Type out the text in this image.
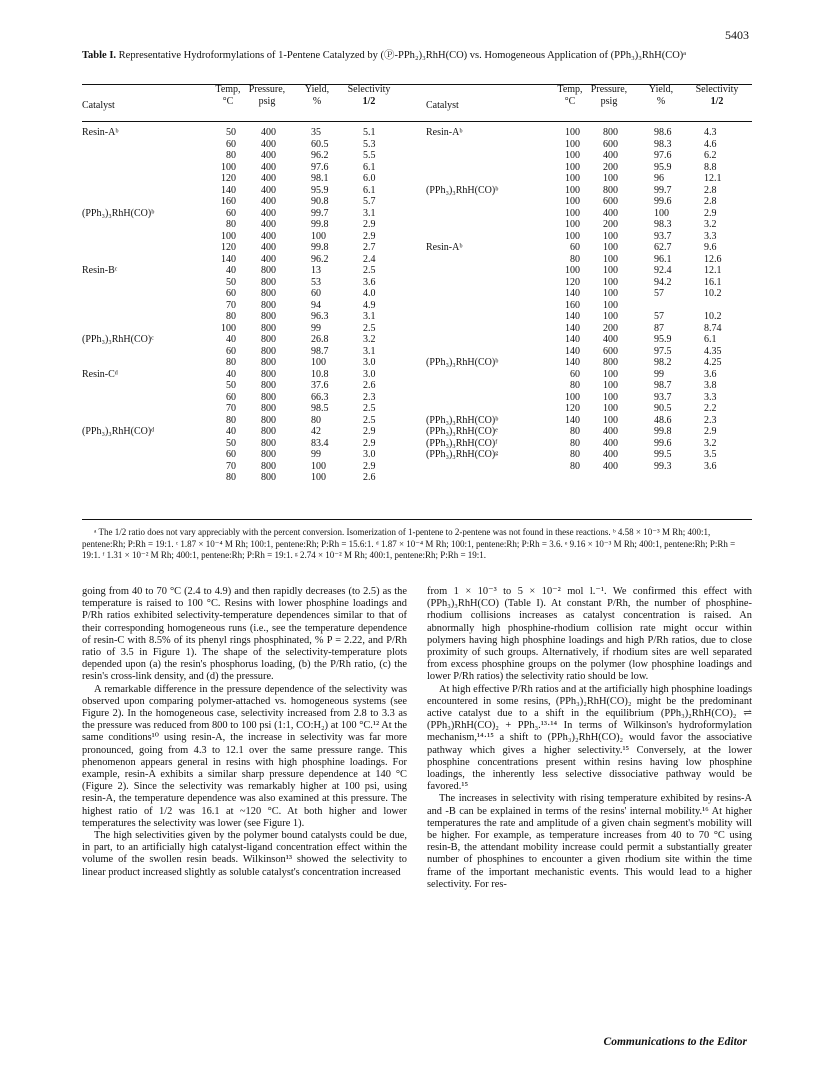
5403
Table I. Representative Hydroformylations of 1-Pentene Catalyzed by (Ⓟ-PPh₂)₃RhH(CO) vs. Homogeneous Application of (PPh₃)₃RhH(CO)ᵃ
Catalyst
Temp,
°C
Pressure,
psig
Yield,
%
Selectivity
1/2	Catalyst
Temp,
°C
Pressure,
psig
Yield,
%
Selectivity
1/2
Resin-Aᵇ
(PPh₃)₃RhH(CO)ᵇ
Resin-Bᶜ
(PPh₃)₃RhH(CO)ᶜ
Resin-Cᵈ
(PPh₃)₃RhH(CO)ᵈ
50
60
80
100
120
140
160
60
80
100
120
140
40
50
60
70
80
100
40
60
80
40
50
60
70
80
40
50
60
70
80
400
400
400
400
400
400
400
400
400
400
400
400
800
800
800
800
800
800
800
800
800
800
800
800
800
800
800
800
800
800
800
35
60.5
96.2
97.6
98.1
95.9
90.8
99.7
99.8
100
99.8
96.2
13
53
60
94
96.3
99
26.8
98.7
100
10.8
37.6
66.3
98.5
80
42
83.4
99
100
100
5.1
5.3
5.5
6.1
6.0
6.1
5.7
3.1
2.9
2.9
2.7
2.4
2.5
3.6
4.0
4.9
3.1
2.5
3.2
3.1
3.0
3.0
2.6
2.3
2.5
2.5
2.9
2.9
3.0
2.9
2.6
Resin-Aᵇ
(PPh₃)₃RhH(CO)ᵇ
Resin-Aᵇ
(PPh₃)₃RhH(CO)ᵇ
(PPh₃)₃RhH(CO)ᵇ
(PPh₃)₃RhH(CO)ᵉ
(PPh₃)₃RhH(CO)ᶠ
(PPh₃)₃RhH(CO)ᵍ
100
100
100
100
100
100
100
100
100
100
60
80
100
120
140
160
140
140
140
140
140
60
80
100
120
140
80
80
80
80
800
600
400
200
100
800
600
400
200
100
100
100
100
100
100
100
100
200
400
600
800
100
100
100
100
100
400
400
400
400
98.6
98.3
97.6
95.9
96
99.7
99.6
100
98.3
93.7
62.7
96.1
92.4
94.2
57
57
87
95.9
97.5
98.2
99
98.7
93.7
90.5
48.6
99.8
99.6
99.5
99.3
4.3
4.6
6.2
8.8
12.1
2.8
2.8
2.9
3.2
3.3
9.6
12.6
12.1
16.1
10.2
10.2
8.74
6.1
4.35
4.25
3.6
3.8
3.3
2.2
2.3
2.9
3.2
3.5
3.6
ᵃ The 1/2 ratio does not vary appreciably with the percent conversion. Isomerization of 1-pentene to 2-pentene was not found in these reactions. ᵇ 4.58 × 10⁻³ M Rh; 400:1, pentene:Rh; P:Rh = 19:1. ᶜ 1.87 × 10⁻⁴ M Rh; 100:1, pentene:Rh; P:Rh = 15.6:1. ᵈ 1.87 × 10⁻⁴ M Rh; 100:1, pentene:Rh; P:Rh = 3.6. ᵉ 9.16 × 10⁻³ M Rh; 400:1, pentene:Rh; P:Rh = 19:1. ᶠ 1.31 × 10⁻² M Rh; 400:1, pentene:Rh; P:Rh = 19:1. ᵍ 2.74 × 10⁻² M Rh; 400:1, pentene:Rh; P:Rh = 19:1.

going from 40 to 70 °C (2.4 to 4.9) and then rapidly decreases (to 2.5) as the temperature is raised to 100 °C. Resins with lower phosphine loadings and P/Rh ratios exhibited selectivity-temperature dependences similar to that of their corresponding homogeneous runs (i.e., see the temperature dependence of resin-C with 8.5% of its phenyl rings phosphinated, % P = 2.22, and P/Rh ratio of 3.5 in Figure 1). The shape of the selectivity-temperature plots depended upon (a) the resin's phosphorus loading, (b) the P/Rh ratio, (c) the resin's cross-link density, and (d) the pressure.

A remarkable difference in the pressure dependence of the selectivity was observed upon comparing polymer-attached vs. homogeneous systems (see Figure 2). In the homogeneous case, selectivity increased from 2.8 to 3.3 as the pressure was reduced from 800 to 100 psi (1:1, CO:H₂) at 100 °C.¹² At the same conditions¹⁰ using resin-A, the increase in selectivity was far more pronounced, going from 4.3 to 12.1 over the same pressure range. This phenomenon appears general in resins with high phosphine loadings. For example, resin-A exhibits a similar sharp pressure dependence at 140 °C (Figure 2). Since the selectivity was remarkably higher at 100 psi, using resin-A, the temperature dependence was also examined at this pressure. The highest ratio of 1/2 was 16.1 at ~120 °C. At both higher and lower temperatures the selectivity was lower (see Figure 1).

The high selectivities given by the polymer bound catalysts could be due, in part, to an artificially high catalyst-ligand concentration effect within the volume of the swollen resin beads. Wilkinson¹³ showed the selectivity to linear product increased slightly as soluble catalyst's concentration increased

from 1 × 10⁻³ to 5 × 10⁻² mol l.⁻¹. We confirmed this effect with (PPh₃)₃RhH(CO) (Table I). At constant P/Rh, the number of phosphine-rhodium collisions increases as catalyst concentration is raised. An abnormally high phosphine-rhodium collision rate might occur within polymers having high phosphine loadings and high P/Rh ratios, due to close proximity of such groups. Alternatively, if rhodium sites are well separated from excess phosphine groups on the polymer (low phosphine loadings and lower P/Rh ratios) the selectivity ratio should be low.

At high effective P/Rh ratios and at the artificially high phosphine loadings encountered in some resins, (PPh₃)₂RhH(CO)₂ might be the predominant active catalyst due to a shift in the equilibrium (PPh₃)₂RhH(CO)₂ ⇌ (PPh₃)RhH(CO)₂ + PPh₃.¹³·¹⁴ In terms of Wilkinson's hydroformylation mechanism,¹⁴·¹⁵ a shift to (PPh₃)₂RhH(CO)₂ would favor the associative pathway which gives a higher selectivity.¹⁵ Conversely, at the lower phosphine concentrations present within resins having low phosphine loadings, the inherently less selective dissociative pathway would be favored.¹⁵

The increases in selectivity with rising temperature exhibited by resins-A and -B can be explained in terms of the resins' internal mobility.¹⁶ At higher temperatures the rate and amplitude of a given chain segment's mobility will be higher. For example, as temperature increases from 40 to 70 °C using resin-B, the attendant mobility increase could permit a substantially greater number of phosphines to encounter a given rhodium site within the time frame of the important mechanistic events. This would lead to a higher selectivity. For res-

Communications to the Editor
